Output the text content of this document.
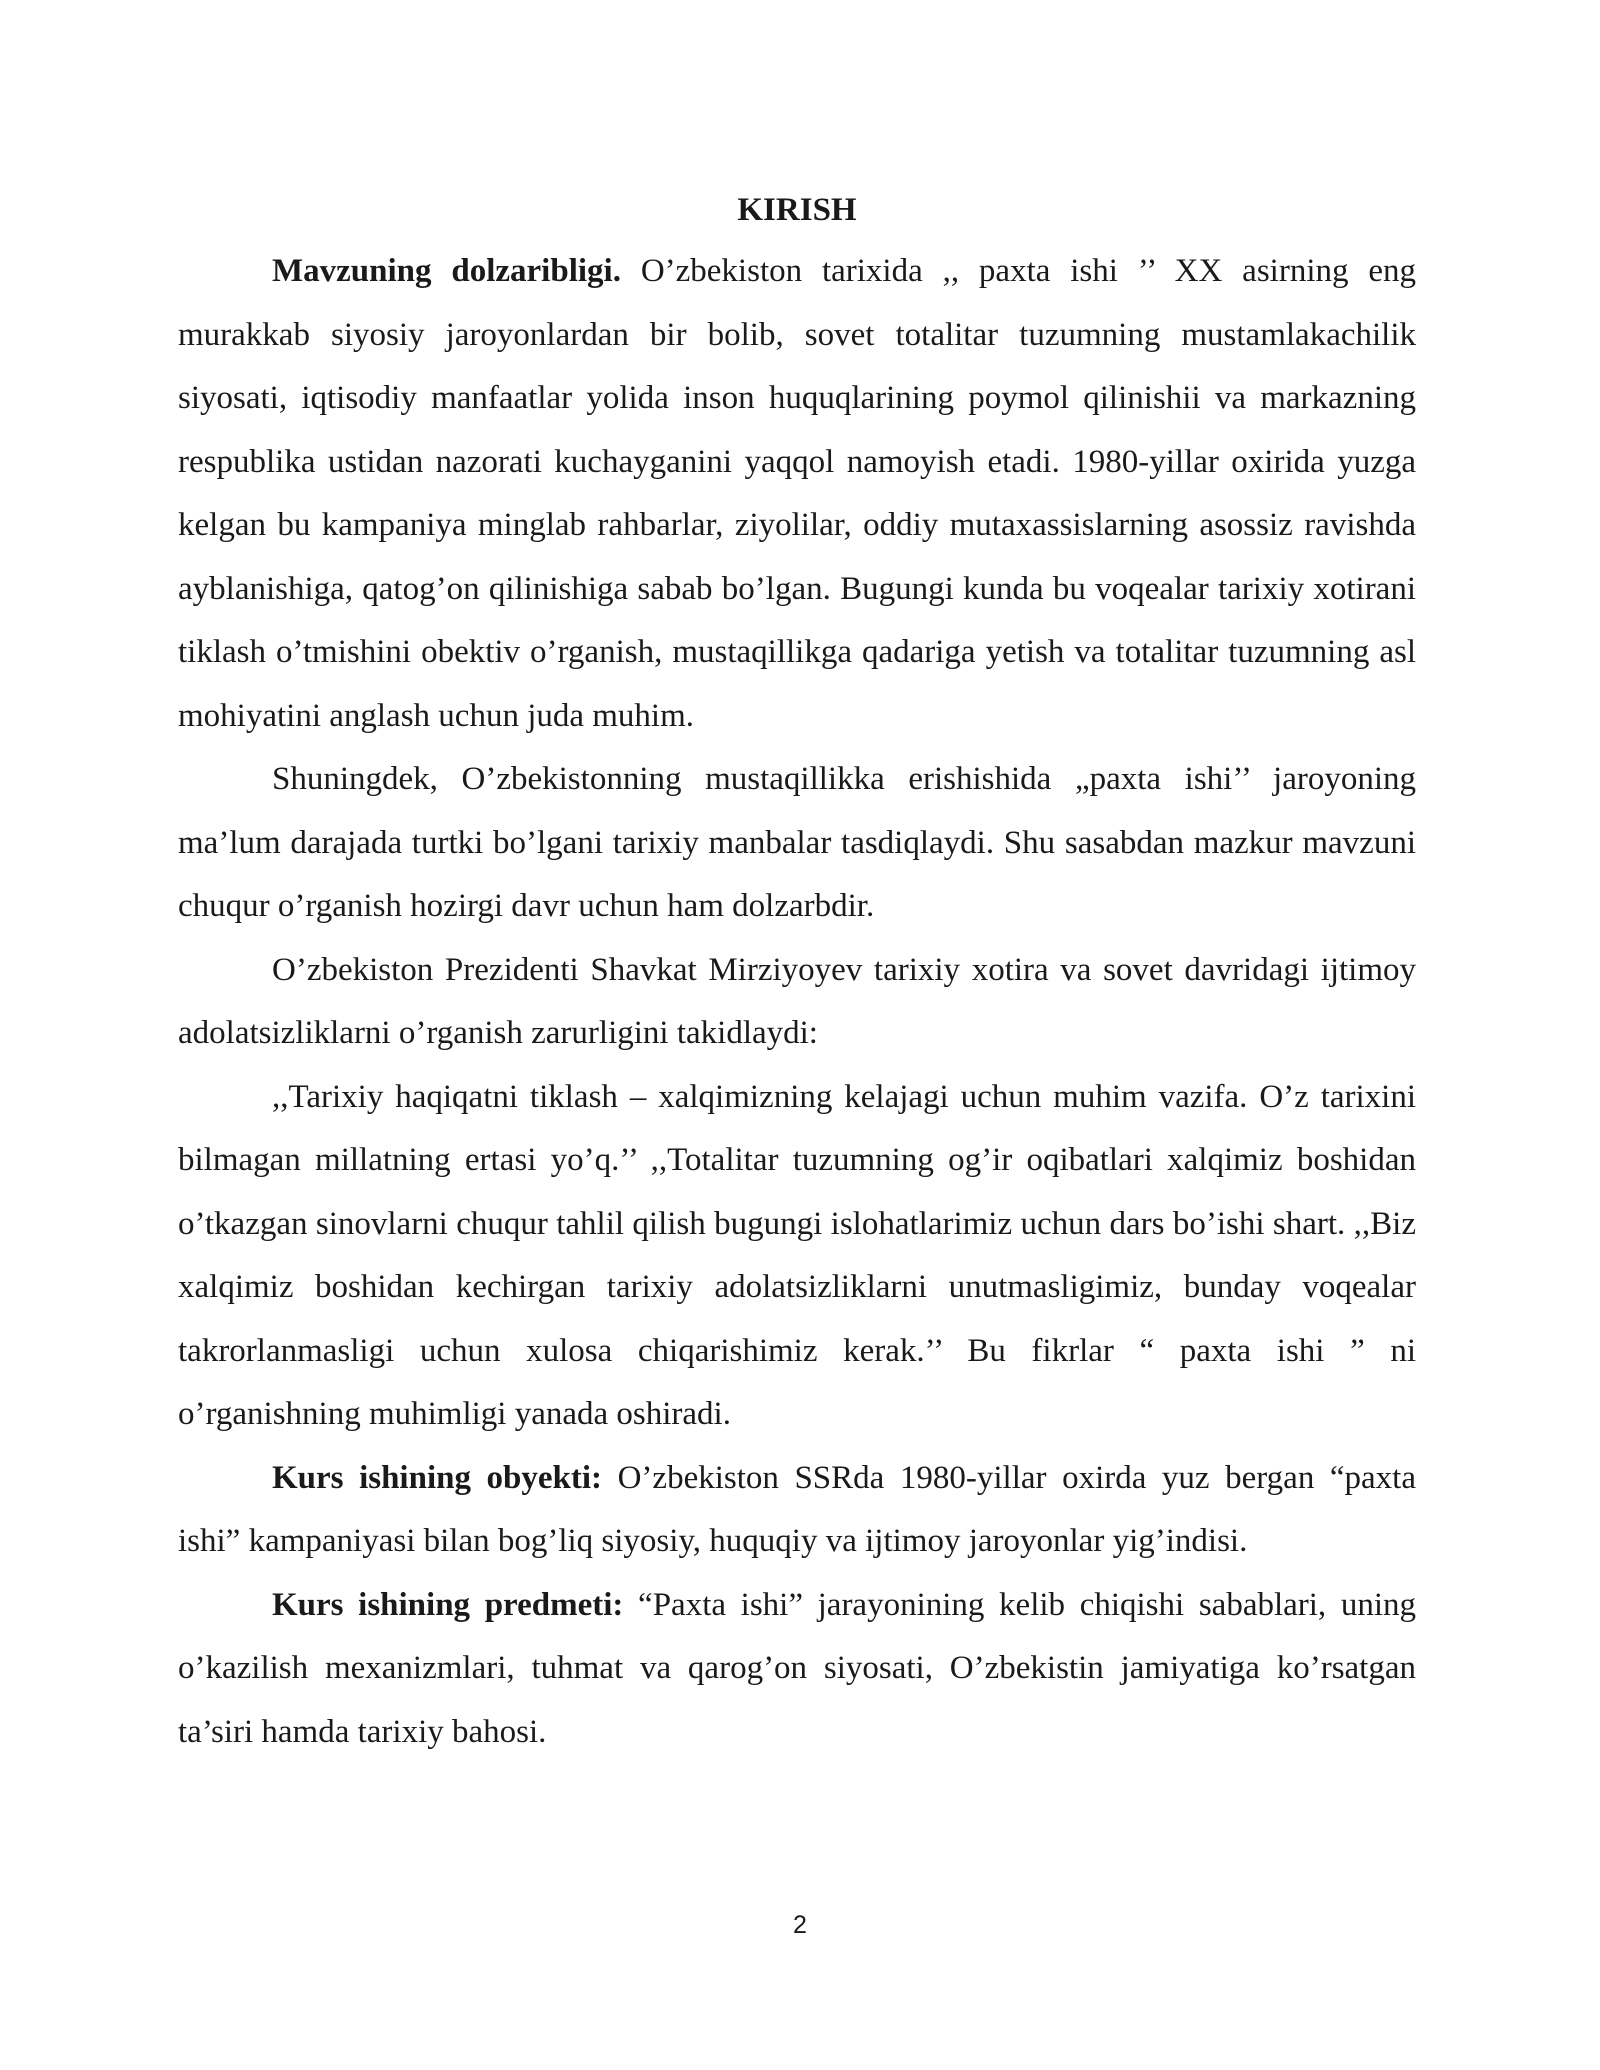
KIRISH

Mavzuning dolzaribligi. O’zbekiston tarixida ,, paxta ishi ’’ XX asirning eng murakkab siyosiy jaroyonlardan bir bolib, sovet totalitar tuzumning mustamlakachilik siyosati, iqtisodiy manfaatlar yolida inson huquqlarining poymol qilinishii va markazning respublika ustidan nazorati kuchayganini yaqqol namoyish etadi. 1980-yillar oxirida yuzga kelgan bu kampaniya minglab rahbarlar, ziyolilar, oddiy mutaxassislarning asossiz ravishda ayblanishiga, qatog’on qilinishiga sabab bo’lgan. Bugungi kunda bu voqealar tarixiy xotirani tiklash o’tmishini obektiv o’rganish, mustaqillikga qadariga yetish va totalitar tuzumning asl mohiyatini anglash uchun juda muhim.

Shuningdek, O’zbekistonning mustaqillikka erishishida „paxta ishi’’ jaroyoning ma’lum darajada turtki bo’lgani tarixiy manbalar tasdiqlaydi. Shu sasabdan mazkur mavzuni chuqur o’rganish hozirgi davr uchun ham dolzarbdir.

O’zbekiston Prezidenti Shavkat Mirziyoyev tarixiy xotira va sovet davridagi ijtimoy adolatsizliklarni o’rganish zarurligini takidlaydi:

,,Tarixiy haqiqatni tiklash – xalqimizning kelajagi uchun muhim vazifa. O’z tarixini bilmagan millatning ertasi yo’q.’’ ,,Totalitar tuzumning og’ir oqibatlari xalqimiz boshidan o’tkazgan sinovlarni chuqur tahlil qilish bugungi islohatlarimiz uchun dars bo’ishi shart. ,,Biz xalqimiz boshidan kechirgan tarixiy adolatsizliklarni unutmasligimiz, bunday voqealar takrorlanmasligi uchun xulosa chiqarishimiz kerak.’’ Bu fikrlar “ paxta ishi ” ni o’rganishning muhimligi yanada oshiradi.

Kurs ishining obyekti: O’zbekiston SSRda 1980-yillar oxirda yuz bergan “paxta ishi” kampaniyasi bilan bog’liq siyosiy, huquqiy va ijtimoy jaroyonlar yig’indisi.

Kurs ishining predmeti: “Paxta ishi” jarayonining kelib chiqishi sabablari, uning o’kazilish mexanizmlari, tuhmat va qarog’on siyosati, O’zbekistin jamiyatiga ko’rsatgan ta’siri hamda tarixiy bahosi.

2
